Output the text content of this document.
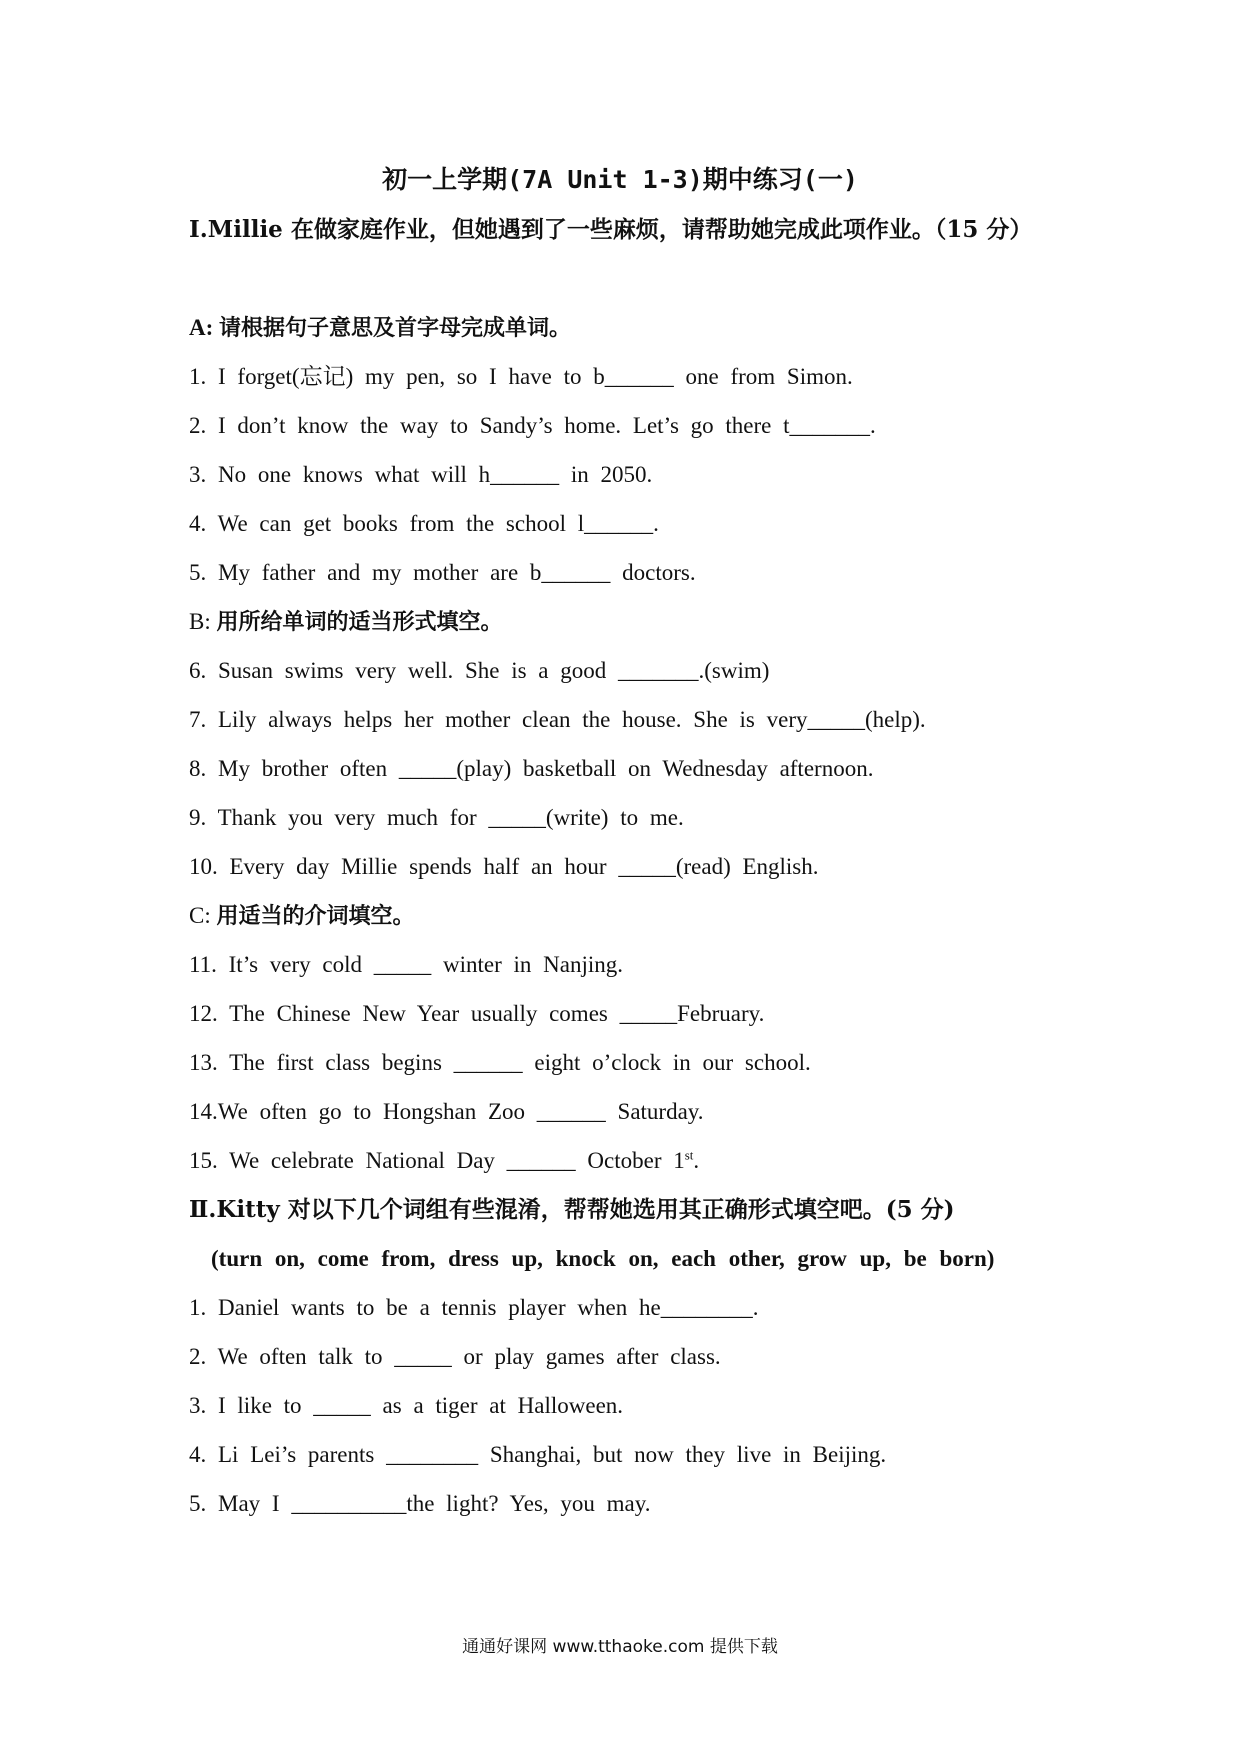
初一上学期(7A Unit 1-3)期中练习(一)
Ⅰ.Millie 在做家庭作业，但她遇到了一些麻烦，请帮助她完成此项作业。（15 分）
A: 请根据句子意思及首字母完成单词。
1. I forget(忘记) my pen, so I have to b______ one from Simon.
2. I don’t know the way to Sandy’s home. Let’s go there t_______.
3. No one knows what will h______ in 2050.
4. We can get books from the school l______.
5. My father and my mother are b______ doctors.
B: 用所给单词的适当形式填空。
6. Susan swims very well. She is a good _______.(swim)
7. Lily always helps her mother clean the house. She is very_____(help).
8. My brother often _____(play) basketball on Wednesday afternoon.
9. Thank you very much for _____(write) to me.
10. Every day Millie spends half an hour _____(read) English.
C: 用适当的介词填空。
11. It’s very cold _____ winter in Nanjing.
12. The Chinese New Year usually comes _____February.
13. The first class begins ______ eight o’clock in our school.
14.We often go to Hongshan Zoo ______ Saturday.
15. We celebrate National Day ______ October 1st.
Ⅱ.Kitty 对以下几个词组有些混淆，帮帮她选用其正确形式填空吧。(5 分)
(turn on, come from, dress up, knock on, each other, grow up, be born)
1. Daniel wants to be a tennis player when he________.
2. We often talk to _____ or play games after class.
3. I like to _____ as a tiger at Halloween.
4. Li Lei’s parents ________ Shanghai, but now they live in Beijing.
5. May I __________the light? Yes, you may.
通通好课网 www.tthaoke.com 提供下载
